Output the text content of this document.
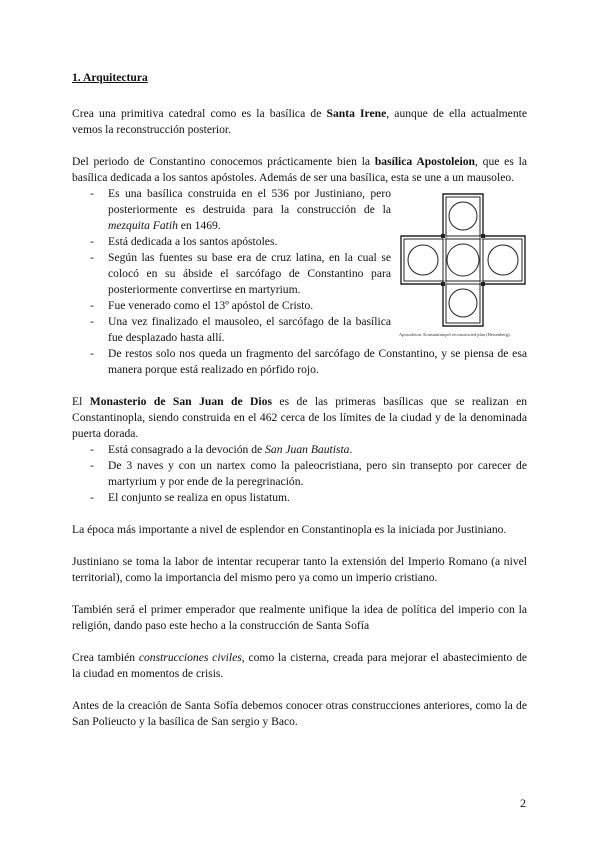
1. Arquitectura

Crea una primitiva catedral como es la basílica de Santa Irene, aunque de ella actualmente vemos la reconstrucción posterior.

Del periodo de Constantino conocemos prácticamente bien la basílica Apostoleion, que es la basílica dedicada a los santos apóstoles. Además de ser una basílica, esta se une a un mausoleo.

Apostoleion. Konstantinopel reconstructed plan (Heisenberg).
- Es una basílica construida en el 536 por Justiniano, pero posteriormente es destruida para la construcción de la mezquita Fatih en 1469.
- Está dedicada a los santos apóstoles.
- Según las fuentes su base era de cruz latina, en la cual se colocó en su ábside el sarcófago de Constantino para posteriormente convertirse en martyrium.
- Fue venerado como el 13º apóstol de Cristo.
- Una vez finalizado el mausoleo, el sarcófago de la basílica fue desplazado hasta allí.
- De restos solo nos queda un fragmento del sarcófago de Constantino, y se piensa de esa manera porque está realizado en pórfido rojo.

El Monasterio de San Juan de Dios es de las primeras basílicas que se realizan en Constantinopla, siendo construida en el 462 cerca de los límites de la ciudad y de la denominada puerta dorada.

- Está consagrado a la devoción de San Juan Bautista.
- De 3 naves y con un nartex como la paleocristiana, pero sin transepto por carecer de martyrium y por ende de la peregrinación.
- El conjunto se realiza en opus listatum.

La época más importante a nivel de esplendor en Constantinopla es la iniciada por Justiniano.

Justiniano se toma la labor de intentar recuperar tanto la extensión del Imperio Romano (a nivel territorial), como la importancia del mismo pero ya como un imperio cristiano.

También será el primer emperador que realmente unifique la idea de política del imperio con la religión, dando paso este hecho a la construcción de Santa Sofía

Crea también construcciones civiles, como la cisterna, creada para mejorar el abastecimiento de la ciudad en momentos de crisis.

Antes de la creación de Santa Sofía debemos conocer otras construcciones anteriores, como la de San Polieucto y la basílica de San sergio y Baco.

2
